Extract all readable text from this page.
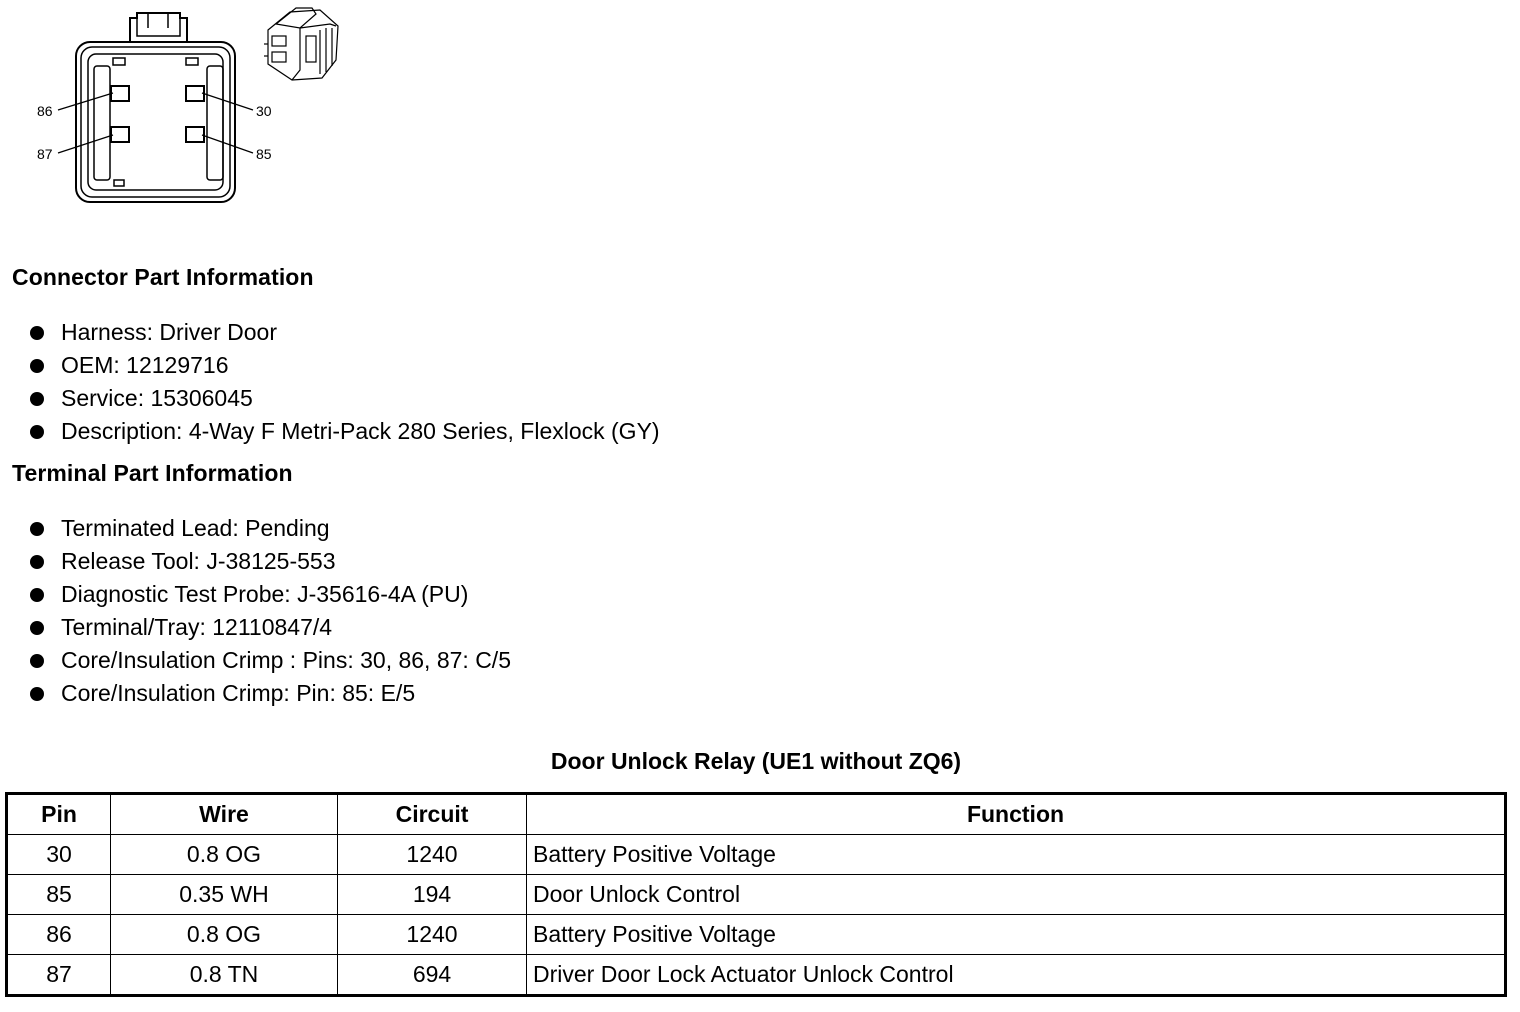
86	30
87	85
Connector Part Information
Harness: Driver Door
OEM: 12129716
Service: 15306045
Description: 4-Way F Metri-Pack 280 Series, Flexlock (GY)
Terminal Part Information
Terminated Lead: Pending
Release Tool: J-38125-553
Diagnostic Test Probe: J-35616-4A (PU)
Terminal/Tray: 12110847/4
Core/Insulation Crimp : Pins: 30, 86, 87: C/5
Core/Insulation Crimp: Pin: 85: E/5
Door Unlock Relay (UE1 without ZQ6)
Pin	Wire	Circuit	Function
30	0.8 OG	1240	Battery Positive Voltage
85	0.35 WH	194	Door Unlock Control
86	0.8 OG	1240	Battery Positive Voltage
87	0.8 TN	694	Driver Door Lock Actuator Unlock Control
